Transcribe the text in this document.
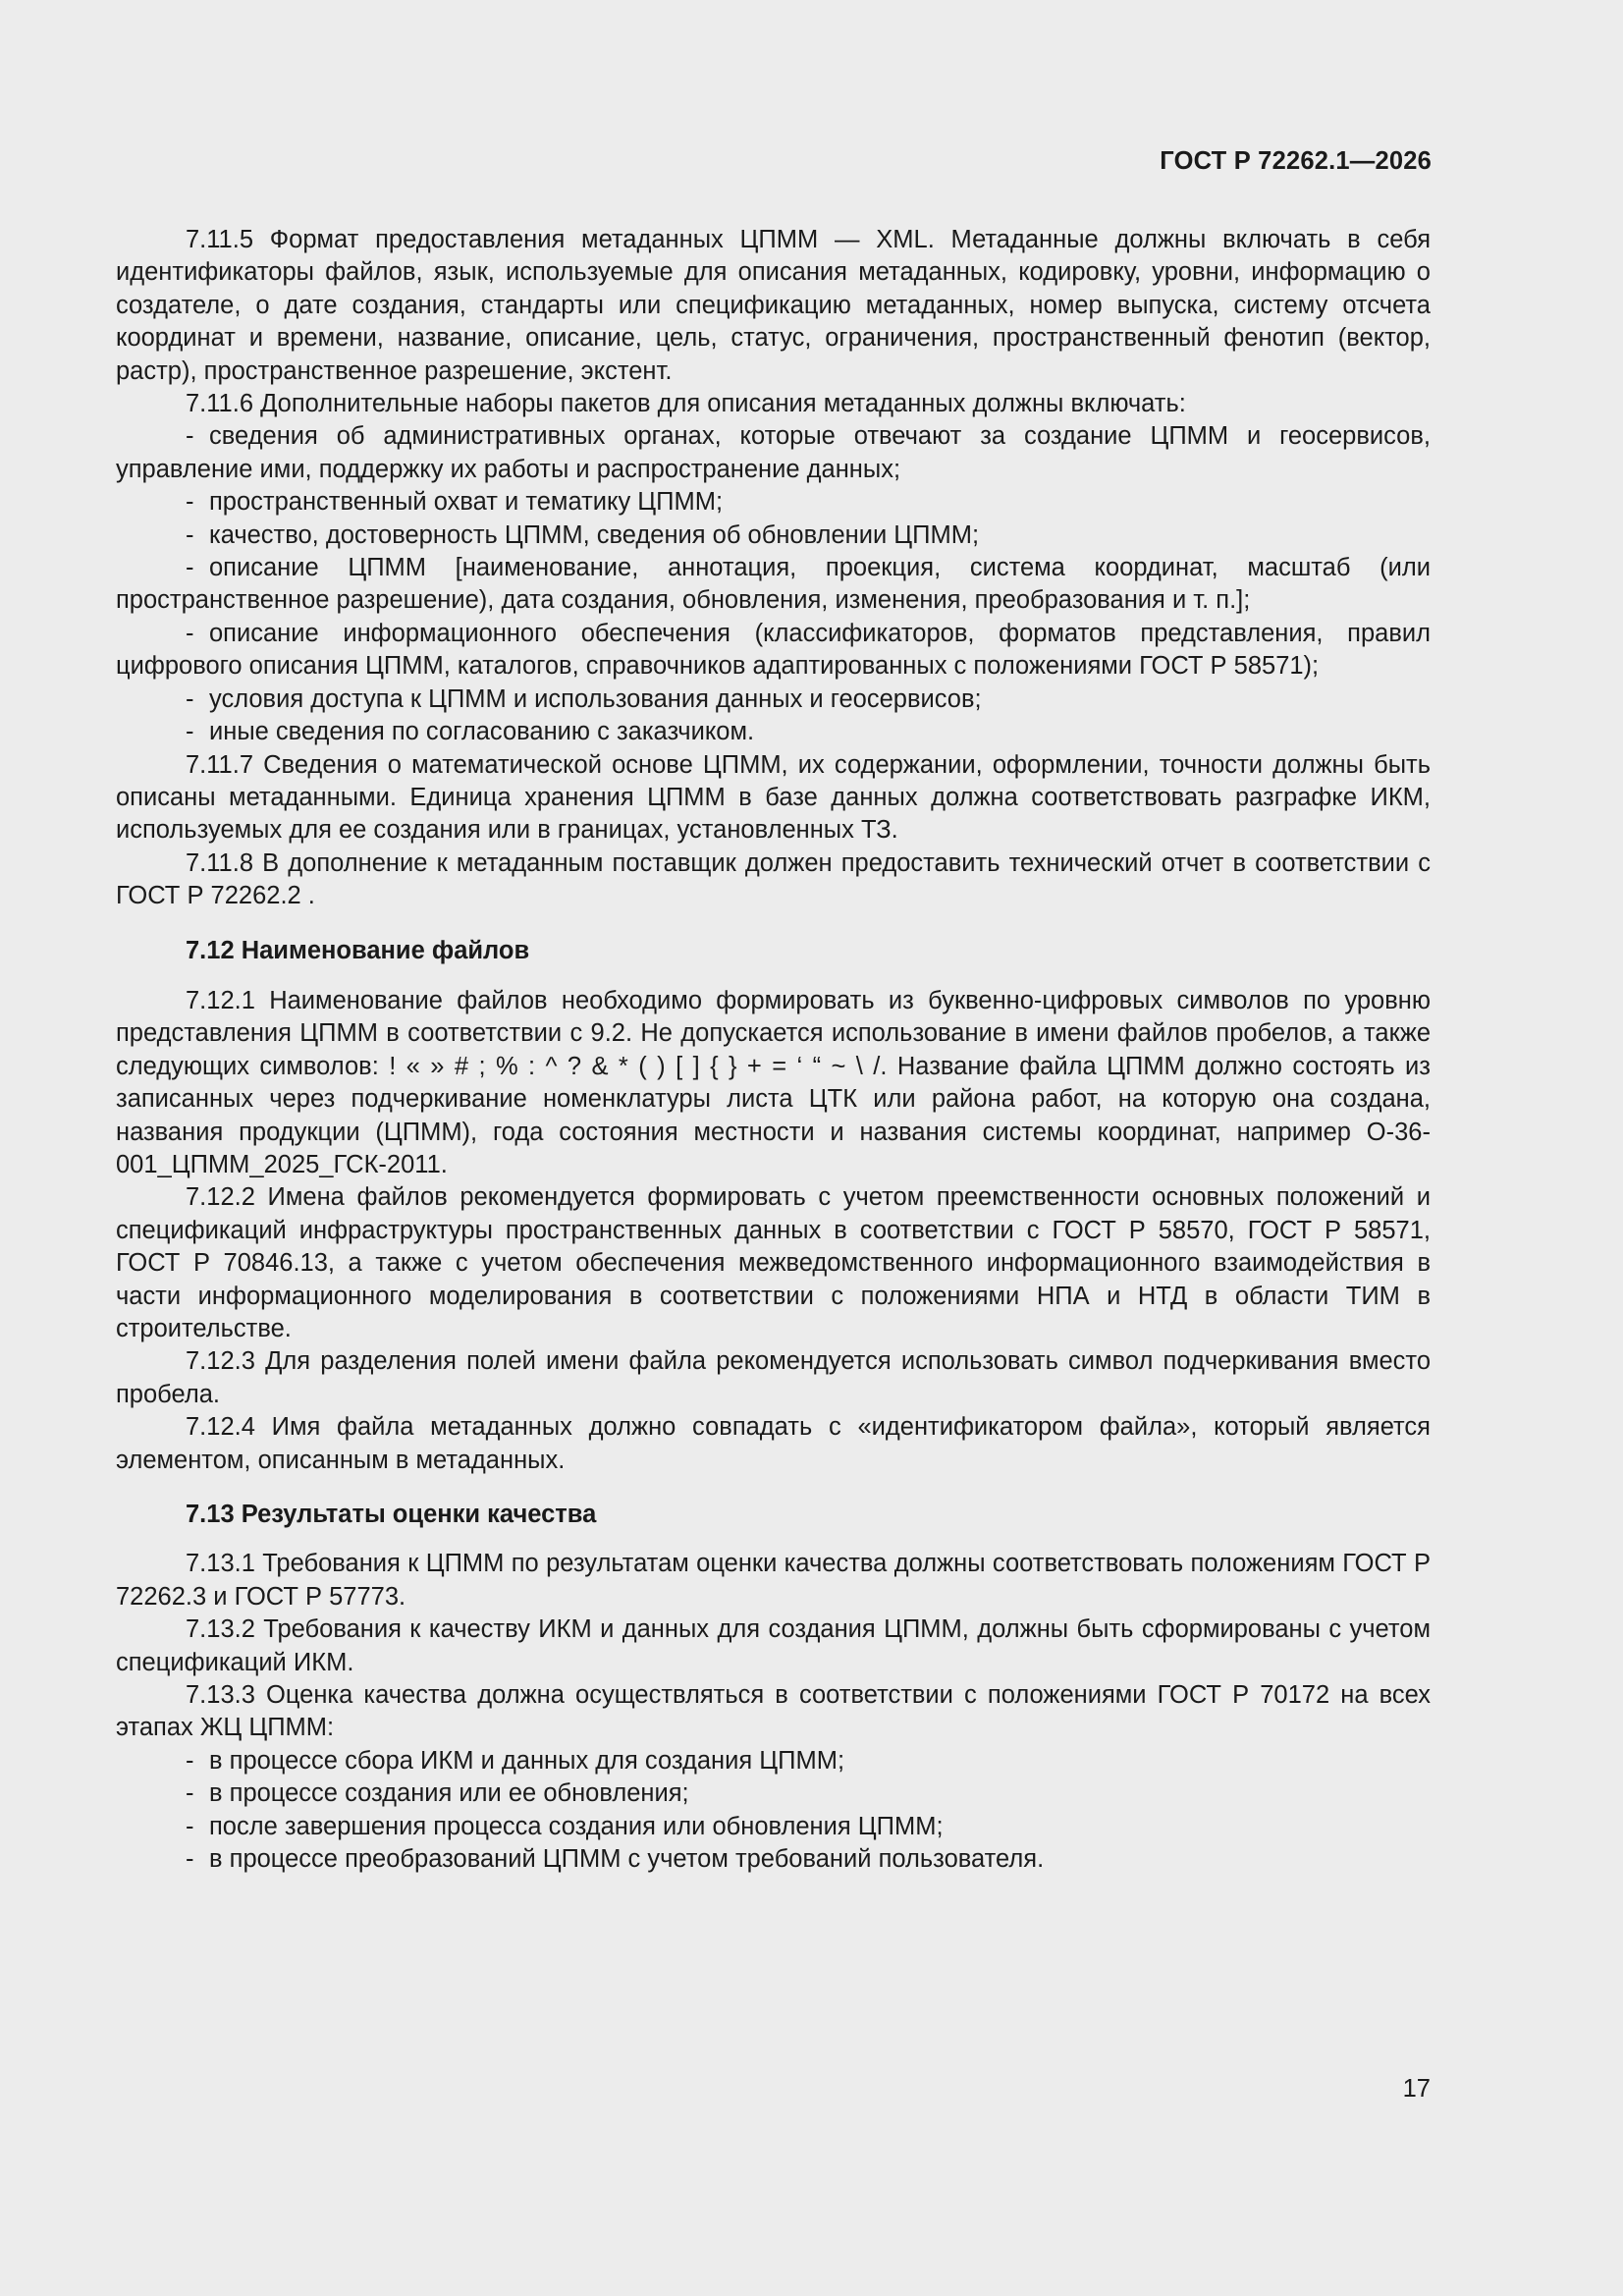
ГОСТ Р 72262.1—2026

7.11.5 Формат предоставления метаданных ЦПММ — XML. Метаданные должны включать в себя идентификаторы файлов, язык, используемые для описания метаданных, кодировку, уровни, информацию о создателе, о дате создания, стандарты или спецификацию метаданных, номер выпуска, систему отсчета координат и времени, название, описание, цель, статус, ограничения, пространственный фенотип (вектор, растр), пространственное разрешение, экстент.

7.11.6 Дополнительные наборы пакетов для описания метаданных должны включать:

- сведения об административных органах, которые отвечают за создание ЦПММ и геосервисов, управление ими, поддержку их работы и распространение данных;

- пространственный охват и тематику ЦПММ;

- качество, достоверность ЦПММ, сведения об обновлении ЦПММ;

- описание ЦПММ [наименование, аннотация, проекция, система координат, масштаб (или пространственное разрешение), дата создания, обновления, изменения, преобразования и т. п.];

- описание информационного обеспечения (классификаторов, форматов представления, правил цифрового описания ЦПММ, каталогов, справочников адаптированных с положениями ГОСТ Р 58571);

- условия доступа к ЦПММ и использования данных и геосервисов;

- иные сведения по согласованию с заказчиком.

7.11.7 Сведения о математической основе ЦПММ, их содержании, оформлении, точности должны быть описаны метаданными. Единица хранения ЦПММ в базе данных должна соответствовать разграфке ИКМ, используемых для ее создания или в границах, установленных ТЗ.

7.11.8 В дополнение к метаданным поставщик должен предоставить технический отчет в соответствии с ГОСТ Р 72262.2 .

7.12 Наименование файлов

7.12.1 Наименование файлов необходимо формировать из буквенно-цифровых символов по уровню представления ЦПММ в соответствии с 9.2. Не допускается использование в имени файлов пробелов, а также следующих символов: ! « » # ; % : ^ ? & * ( ) [ ] { } + = ‘ “ ~ \ /. Название файла ЦПММ должно состоять из записанных через подчеркивание номенклатуры листа ЦТК или района работ, на которую она создана, названия продукции (ЦПММ), года состояния местности и названия системы координат, например О-36-001_ЦПММ_2025_ГСК-2011.

7.12.2 Имена файлов рекомендуется формировать с учетом преемственности основных положений и спецификаций инфраструктуры пространственных данных в соответствии с ГОСТ Р 58570, ГОСТ Р 58571, ГОСТ Р 70846.13, а также с учетом обеспечения межведомственного информационного взаимодействия в части информационного моделирования в соответствии с положениями НПА и НТД в области ТИМ в строительстве.

7.12.3 Для разделения полей имени файла рекомендуется использовать символ подчеркивания вместо пробела.

7.12.4 Имя файла метаданных должно совпадать с «идентификатором файла», который является элементом, описанным в метаданных.

7.13 Результаты оценки качества

7.13.1 Требования к ЦПММ по результатам оценки качества должны соответствовать положениям ГОСТ Р 72262.3 и ГОСТ Р 57773.

7.13.2 Требования к качеству ИКМ и данных для создания ЦПММ, должны быть сформированы с учетом спецификаций ИКМ.

7.13.3 Оценка качества должна осуществляться в соответствии с положениями ГОСТ Р 70172 на всех этапах ЖЦ ЦПММ:

- в процессе сбора ИКМ и данных для создания ЦПММ;

- в процессе создания или ее обновления;

- после завершения процесса создания или обновления ЦПММ;

- в процессе преобразований ЦПММ с учетом требований пользователя.

17
